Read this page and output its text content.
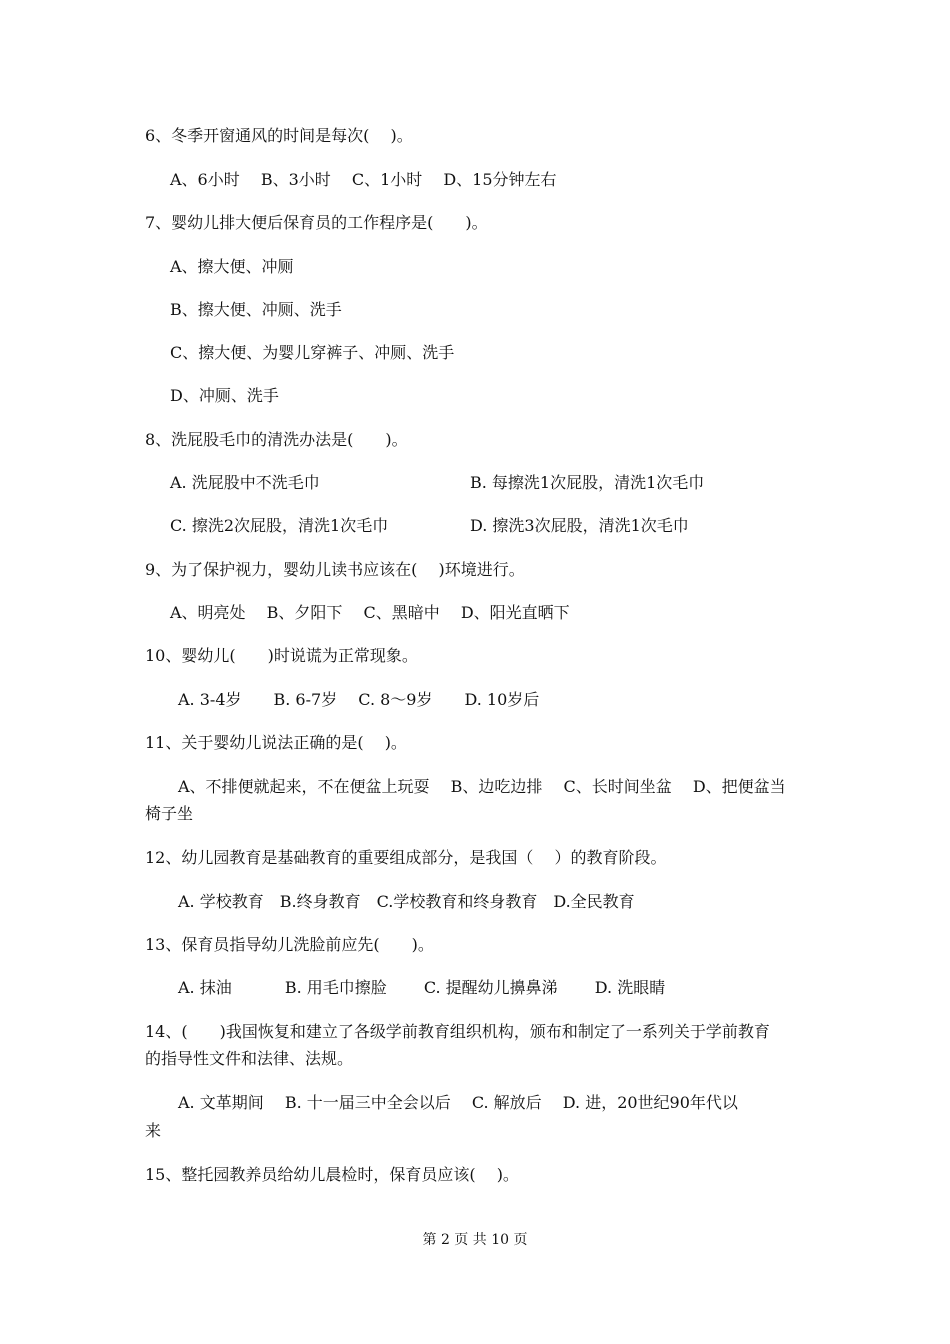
6、冬季开窗通风的时间是每次(　 )。
A、6小时　 B、3小时　 C、1小时　 D、15分钟左右
7、婴幼儿排大便后保育员的工作程序是(　　)。
A、擦大便、冲厕
B、擦大便、冲厕、洗手
C、擦大便、为婴儿穿裤子、冲厕、洗手
D、冲厕、洗手
8、洗屁股毛巾的清洗办法是(　　)。
A. 洗屁股中不洗毛巾	B. 每擦洗1次屁股，清洗1次毛巾
C. 擦洗2次屁股，清洗1次毛巾	D. 擦洗3次屁股，清洗1次毛巾
9、为了保护视力，婴幼儿读书应该在(　 )环境进行。
A、明亮处　 B、夕阳下　 C、黑暗中　 D、阳光直晒下
10、婴幼儿(　　)时说谎为正常现象。
A. 3-4岁　　B. 6-7岁　 C. 8～9岁　　D. 10岁后
11、关于婴幼儿说法正确的是(　 )。
A、不排便就起来，不在便盆上玩耍　 B、边吃边排　 C、长时间坐盆　 D、把便盆当
椅子坐
12、幼儿园教育是基础教育的重要组成部分，是我国（　 ）的教育阶段。
A. 学校教育　B.终身教育　C.学校教育和终身教育　D.全民教育
13、保育员指导幼儿洗脸前应先(　　)。
A. 抹油　　　 B. 用毛巾擦脸　　 C. 提醒幼儿擤鼻涕　　 D. 洗眼睛
14、(　　)我国恢复和建立了各级学前教育组织机构，颁布和制定了一系列关于学前教育
的指导性文件和法律、法规。
A. 文革期间　 B. 十一届三中全会以后　 C. 解放后　 D. 进，20世纪90年代以
来
15、整托园教养员给幼儿晨检时，保育员应该(　 )。
第 2 页 共 10 页
